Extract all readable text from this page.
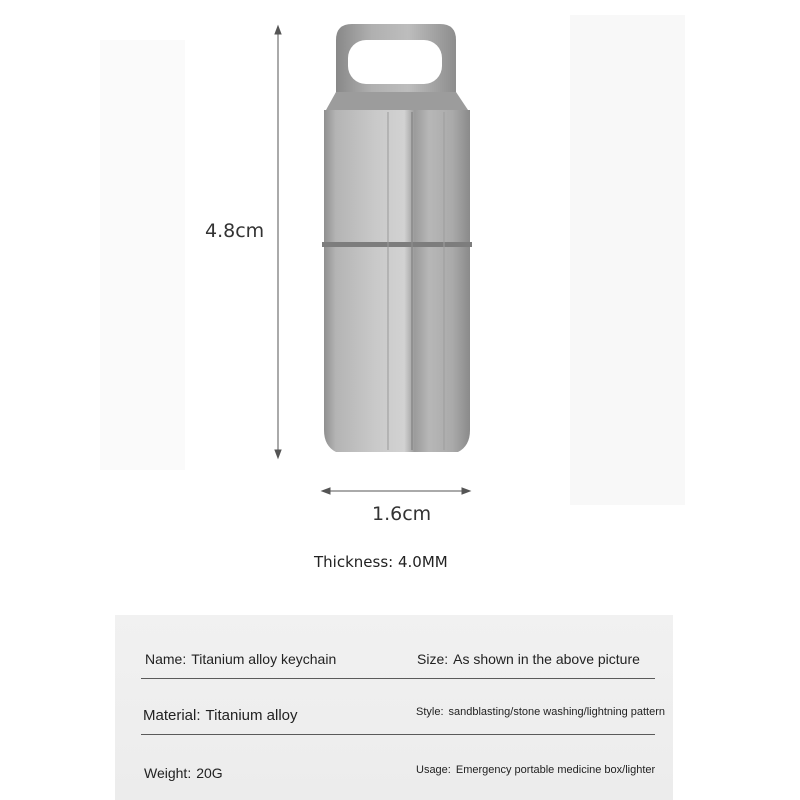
4.8cm
1.6cm
Thickness: 4.0MM
Name: Titanium alloy keychain	Size: As shown in the above picture
Material: Titanium alloy	Style: sandblasting/stone washing/lightning pattern
Weight: 20G	Usage: Emergency portable medicine box/lighter
